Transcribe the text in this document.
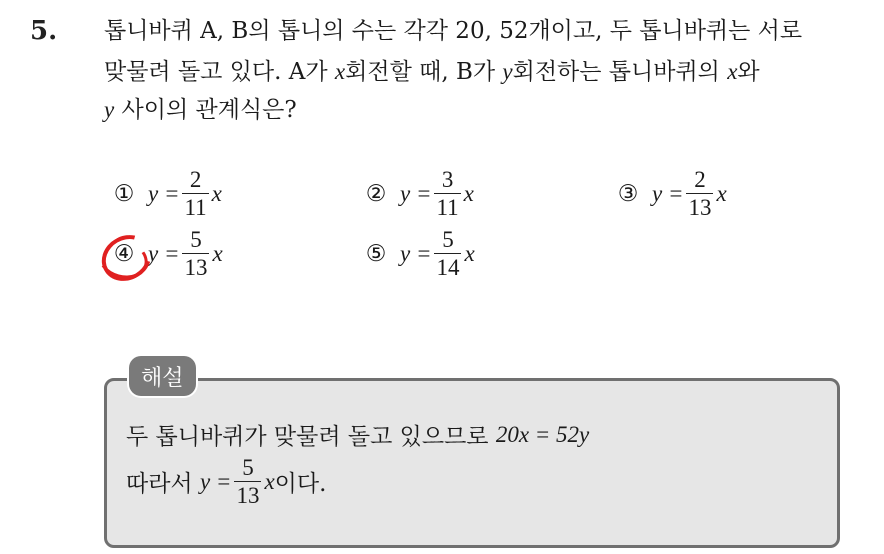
5. 톱니바퀴 A, B의 톱니의 수는 각각 20, 52개이고, 두 톱니바퀴는 서로
맞물려 돌고 있다. A가 x회전할 때, B가 y회전하는 톱니바퀴의 x와
y 사이의 관계식은?
① $y = \frac{2}{11}$ x	② $y = \frac{3}{11}$ x	③ $y = \frac{2}{13}$ x
④ $y = \frac{5}{13}$ x	⑤ $y = \frac{5}{14}$ x
해설
두 톱니바퀴가 맞물려 돌고 있으므로
20x = 52y
따라서
$y = \frac{5}{13}$ x 이다.
